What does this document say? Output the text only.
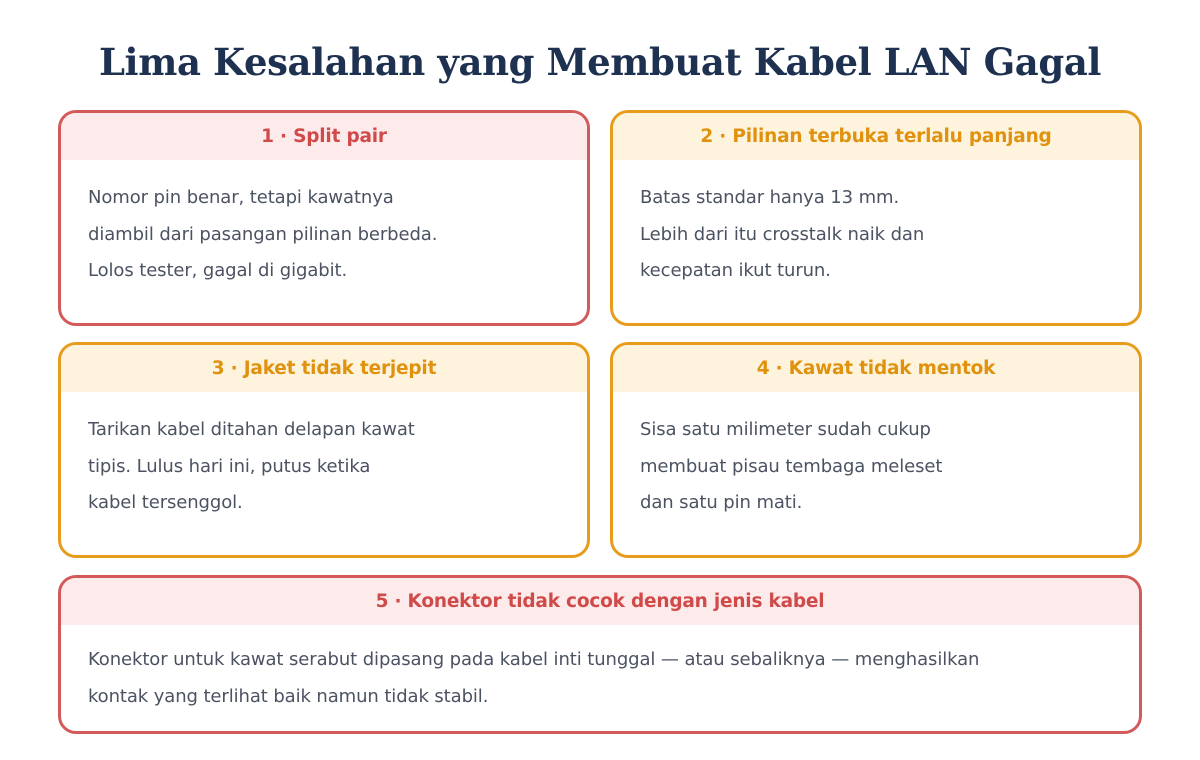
Lima Kesalahan yang Membuat Kabel LAN Gagal
1 · Split pair
Nomor pin benar, tetapi kawatnya
diambil dari pasangan pilinan berbeda.
Lolos tester, gagal di gigabit.
2 · Pilinan terbuka terlalu panjang
Batas standar hanya 13 mm.
Lebih dari itu crosstalk naik dan
kecepatan ikut turun.
3 · Jaket tidak terjepit
Tarikan kabel ditahan delapan kawat
tipis. Lulus hari ini, putus ketika
kabel tersenggol.
4 · Kawat tidak mentok
Sisa satu milimeter sudah cukup
membuat pisau tembaga meleset
dan satu pin mati.
5 · Konektor tidak cocok dengan jenis kabel
Konektor untuk kawat serabut dipasang pada kabel inti tunggal — atau sebaliknya — menghasilkan
kontak yang terlihat baik namun tidak stabil.
